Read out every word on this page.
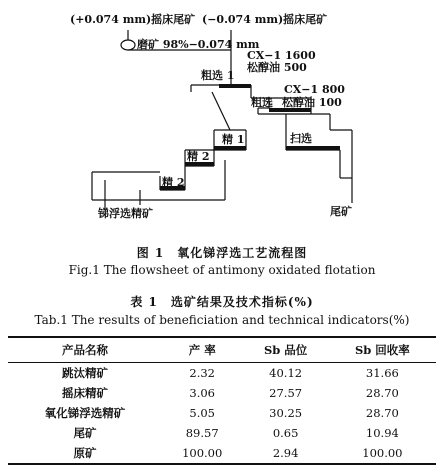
(+0.074 mm)摇床尾矿 (−0.074 mm)摇床尾矿
磨矿 98%−0.074 mm
CX−1 1600
松醇油 500
粗选 1
CX−1 800
粗选 松醇油 100
精 1	扫选
精 2
精 2
锑浮选精矿	尾矿
图 1　氧化锑浮选工艺流程图
Fig.1 The flowsheet of antimony oxidated flotation
表 1　选矿结果及技术指标(%)
Tab.1 The results of beneficiation and technical indicators(%)
产品名称	产 率	Sb 品位	Sb 回收率
跳汰精矿	2.32	40.12	31.66
摇床精矿	3.06	27.57	28.70
氧化锑浮选精矿	5.05	30.25	28.70
尾矿	89.57	0.65	10.94
原矿	100.00	2.94	100.00
